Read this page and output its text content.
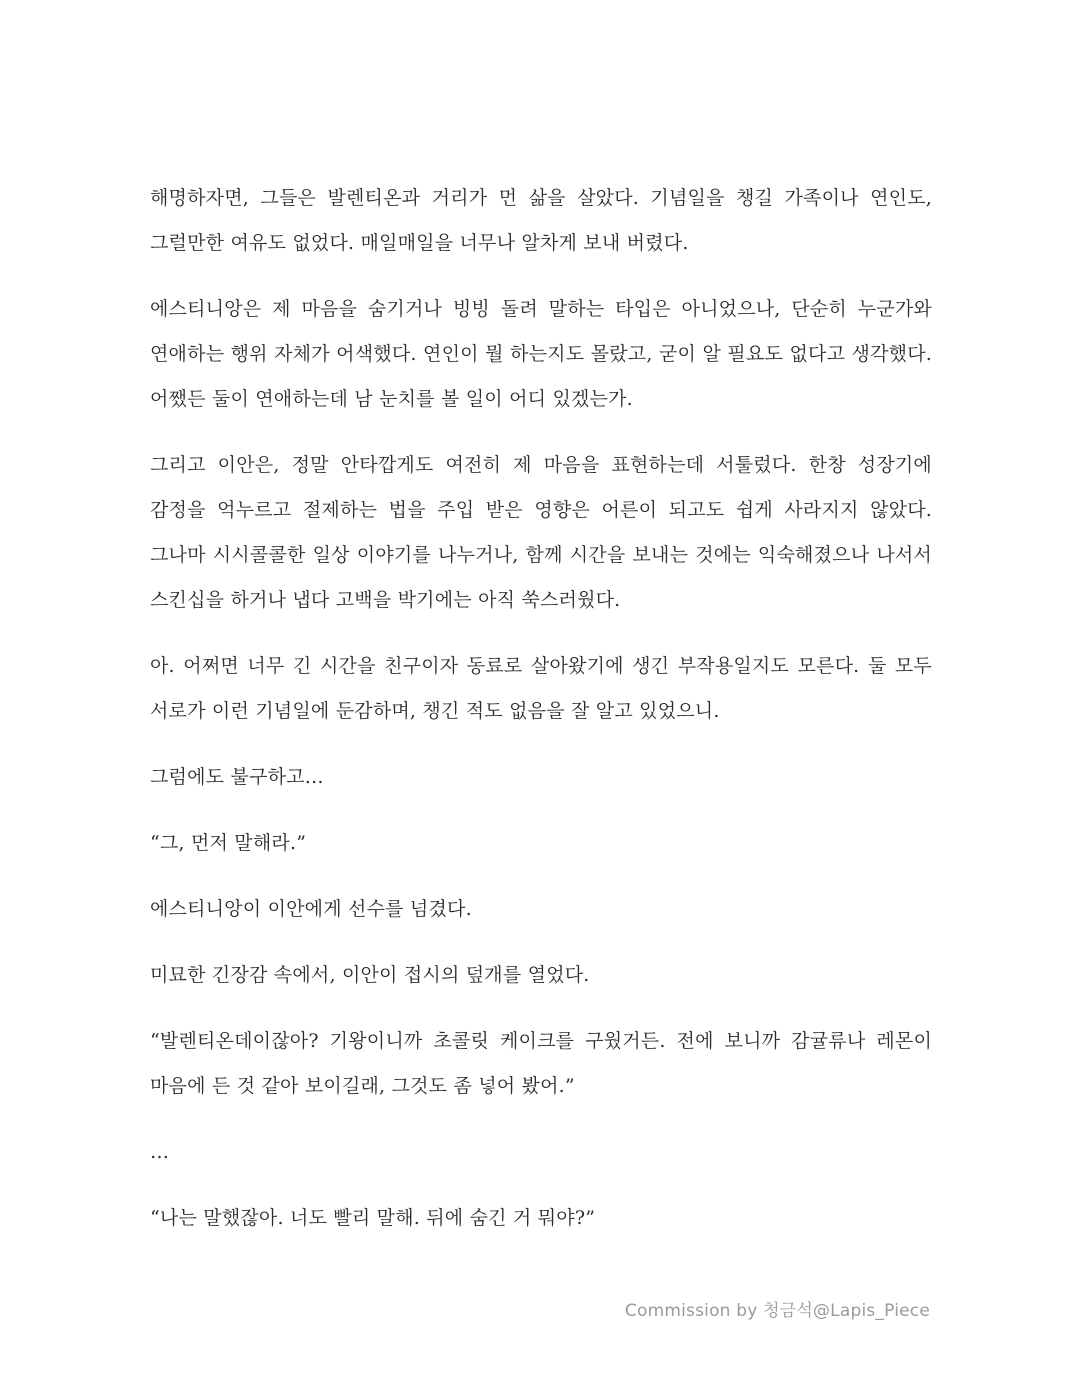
해명하자면, 그들은 발렌티온과 거리가 먼 삶을 살았다. 기념일을 챙길 가족이나 연인도, 그럴만한 여유도 없었다. 매일매일을 너무나 알차게 보내 버렸다.

에스티니앙은 제 마음을 숨기거나 빙빙 돌려 말하는 타입은 아니었으나, 단순히 누군가와 연애하는 행위 자체가 어색했다. 연인이 뭘 하는지도 몰랐고, 굳이 알 필요도 없다고 생각했다. 어쨌든 둘이 연애하는데 남 눈치를 볼 일이 어디 있겠는가.

그리고 이안은, 정말 안타깝게도 여전히 제 마음을 표현하는데 서툴렀다. 한창 성장기에 감정을 억누르고 절제하는 법을 주입 받은 영향은 어른이 되고도 쉽게 사라지지 않았다. 그나마 시시콜콜한 일상 이야기를 나누거나, 함께 시간을 보내는 것에는 익숙해졌으나 나서서 스킨십을 하거나 냅다 고백을 박기에는 아직 쑥스러웠다.

아. 어쩌면 너무 긴 시간을 친구이자 동료로 살아왔기에 생긴 부작용일지도 모른다. 둘 모두 서로가 이런 기념일에 둔감하며, 챙긴 적도 없음을 잘 알고 있었으니.

그럼에도 불구하고…

“그, 먼저 말해라.”

에스티니앙이 이안에게 선수를 넘겼다.

미묘한 긴장감 속에서, 이안이 접시의 덮개를 열었다.

“발렌티온데이잖아? 기왕이니까 초콜릿 케이크를 구웠거든. 전에 보니까 감귤류나 레몬이 마음에 든 것 같아 보이길래, 그것도 좀 넣어 봤어.”

…

“나는 말했잖아. 너도 빨리 말해. 뒤에 숨긴 거 뭐야?”

Commission by 청금석@Lapis_Piece
